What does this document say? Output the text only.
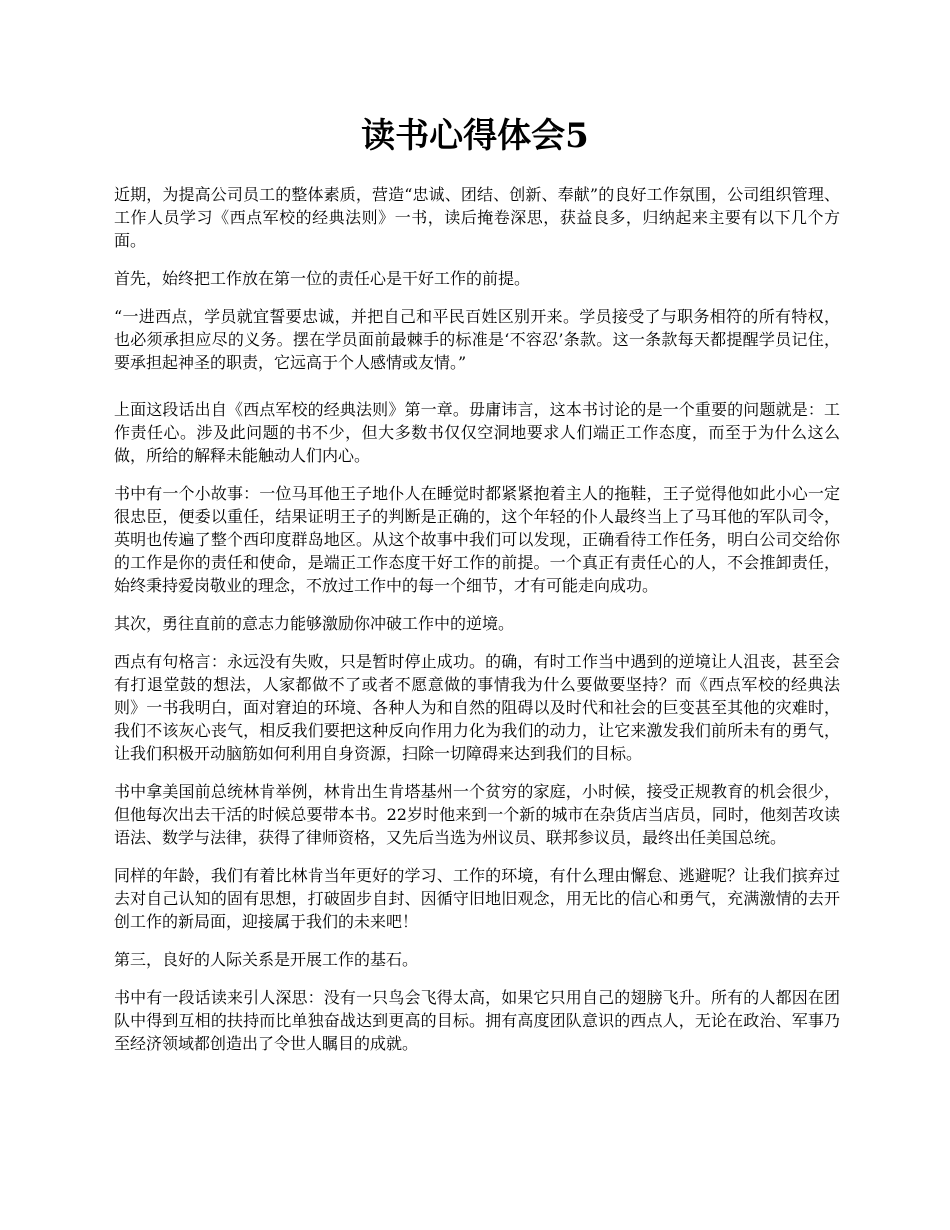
读书心得体会5

近期，为提高公司员工的整体素质，营造“忠诚、团结、创新、奉献”的良好工作氛围，公司组织管理、工作人员学习《西点军校的经典法则》一书，读后掩卷深思，获益良多，归纳起来主要有以下几个方面。

首先，始终把工作放在第一位的责任心是干好工作的前提。

“一进西点，学员就宜誓要忠诚，并把自己和平民百姓区别开来。学员接受了与职务相符的所有特权，也必须承担应尽的义务。摆在学员面前最棘手的标准是‘不容忍’条款。这一条款每天都提醒学员记住，要承担起神圣的职责，它远高于个人感情或友情。”

上面这段话出自《西点军校的经典法则》第一章。毋庸讳言，这本书讨论的是一个重要的问题就是：工作责任心。涉及此问题的书不少，但大多数书仅仅空洞地要求人们端正工作态度，而至于为什么这么做，所给的解释未能触动人们内心。

书中有一个小故事：一位马耳他王子地仆人在睡觉时都紧紧抱着主人的拖鞋，王子觉得他如此小心一定很忠臣，便委以重任，结果证明王子的判断是正确的，这个年轻的仆人最终当上了马耳他的军队司令，英明也传遍了整个西印度群岛地区。从这个故事中我们可以发现，正确看待工作任务，明白公司交给你的工作是你的责任和使命，是端正工作态度干好工作的前提。一个真正有责任心的人，不会推卸责任，始终秉持爱岗敬业的理念，不放过工作中的每一个细节，才有可能走向成功。

其次，勇往直前的意志力能够激励你冲破工作中的逆境。

西点有句格言：永远没有失败，只是暂时停止成功。的确，有时工作当中遇到的逆境让人沮丧，甚至会有打退堂鼓的想法，人家都做不了或者不愿意做的事情我为什么要做要坚持？而《西点军校的经典法则》一书我明白，面对窘迫的环境、各种人为和自然的阻碍以及时代和社会的巨变甚至其他的灾难时，我们不该灰心丧气，相反我们要把这种反向作用力化为我们的动力，让它来激发我们前所未有的勇气，让我们积极开动脑筋如何利用自身资源，扫除一切障碍来达到我们的目标。

书中拿美国前总统林肯举例，林肯出生肯塔基州一个贫穷的家庭，小时候，接受正规教育的机会很少，但他每次出去干活的时候总要带本书。22岁时他来到一个新的城市在杂货店当店员，同时，他刻苦攻读语法、数学与法律，获得了律师资格，又先后当选为州议员、联邦参议员，最终出任美国总统。

同样的年龄，我们有着比林肯当年更好的学习、工作的环境，有什么理由懈怠、逃避呢？让我们摈弃过去对自己认知的固有思想，打破固步自封、因循守旧地旧观念，用无比的信心和勇气，充满激情的去开创工作的新局面，迎接属于我们的未来吧！

第三，良好的人际关系是开展工作的基石。

书中有一段话读来引人深思：没有一只鸟会飞得太高，如果它只用自己的翅膀飞升。所有的人都因在团队中得到互相的扶持而比单独奋战达到更高的目标。拥有高度团队意识的西点人，无论在政治、军事乃至经济领域都创造出了令世人瞩目的成就。
